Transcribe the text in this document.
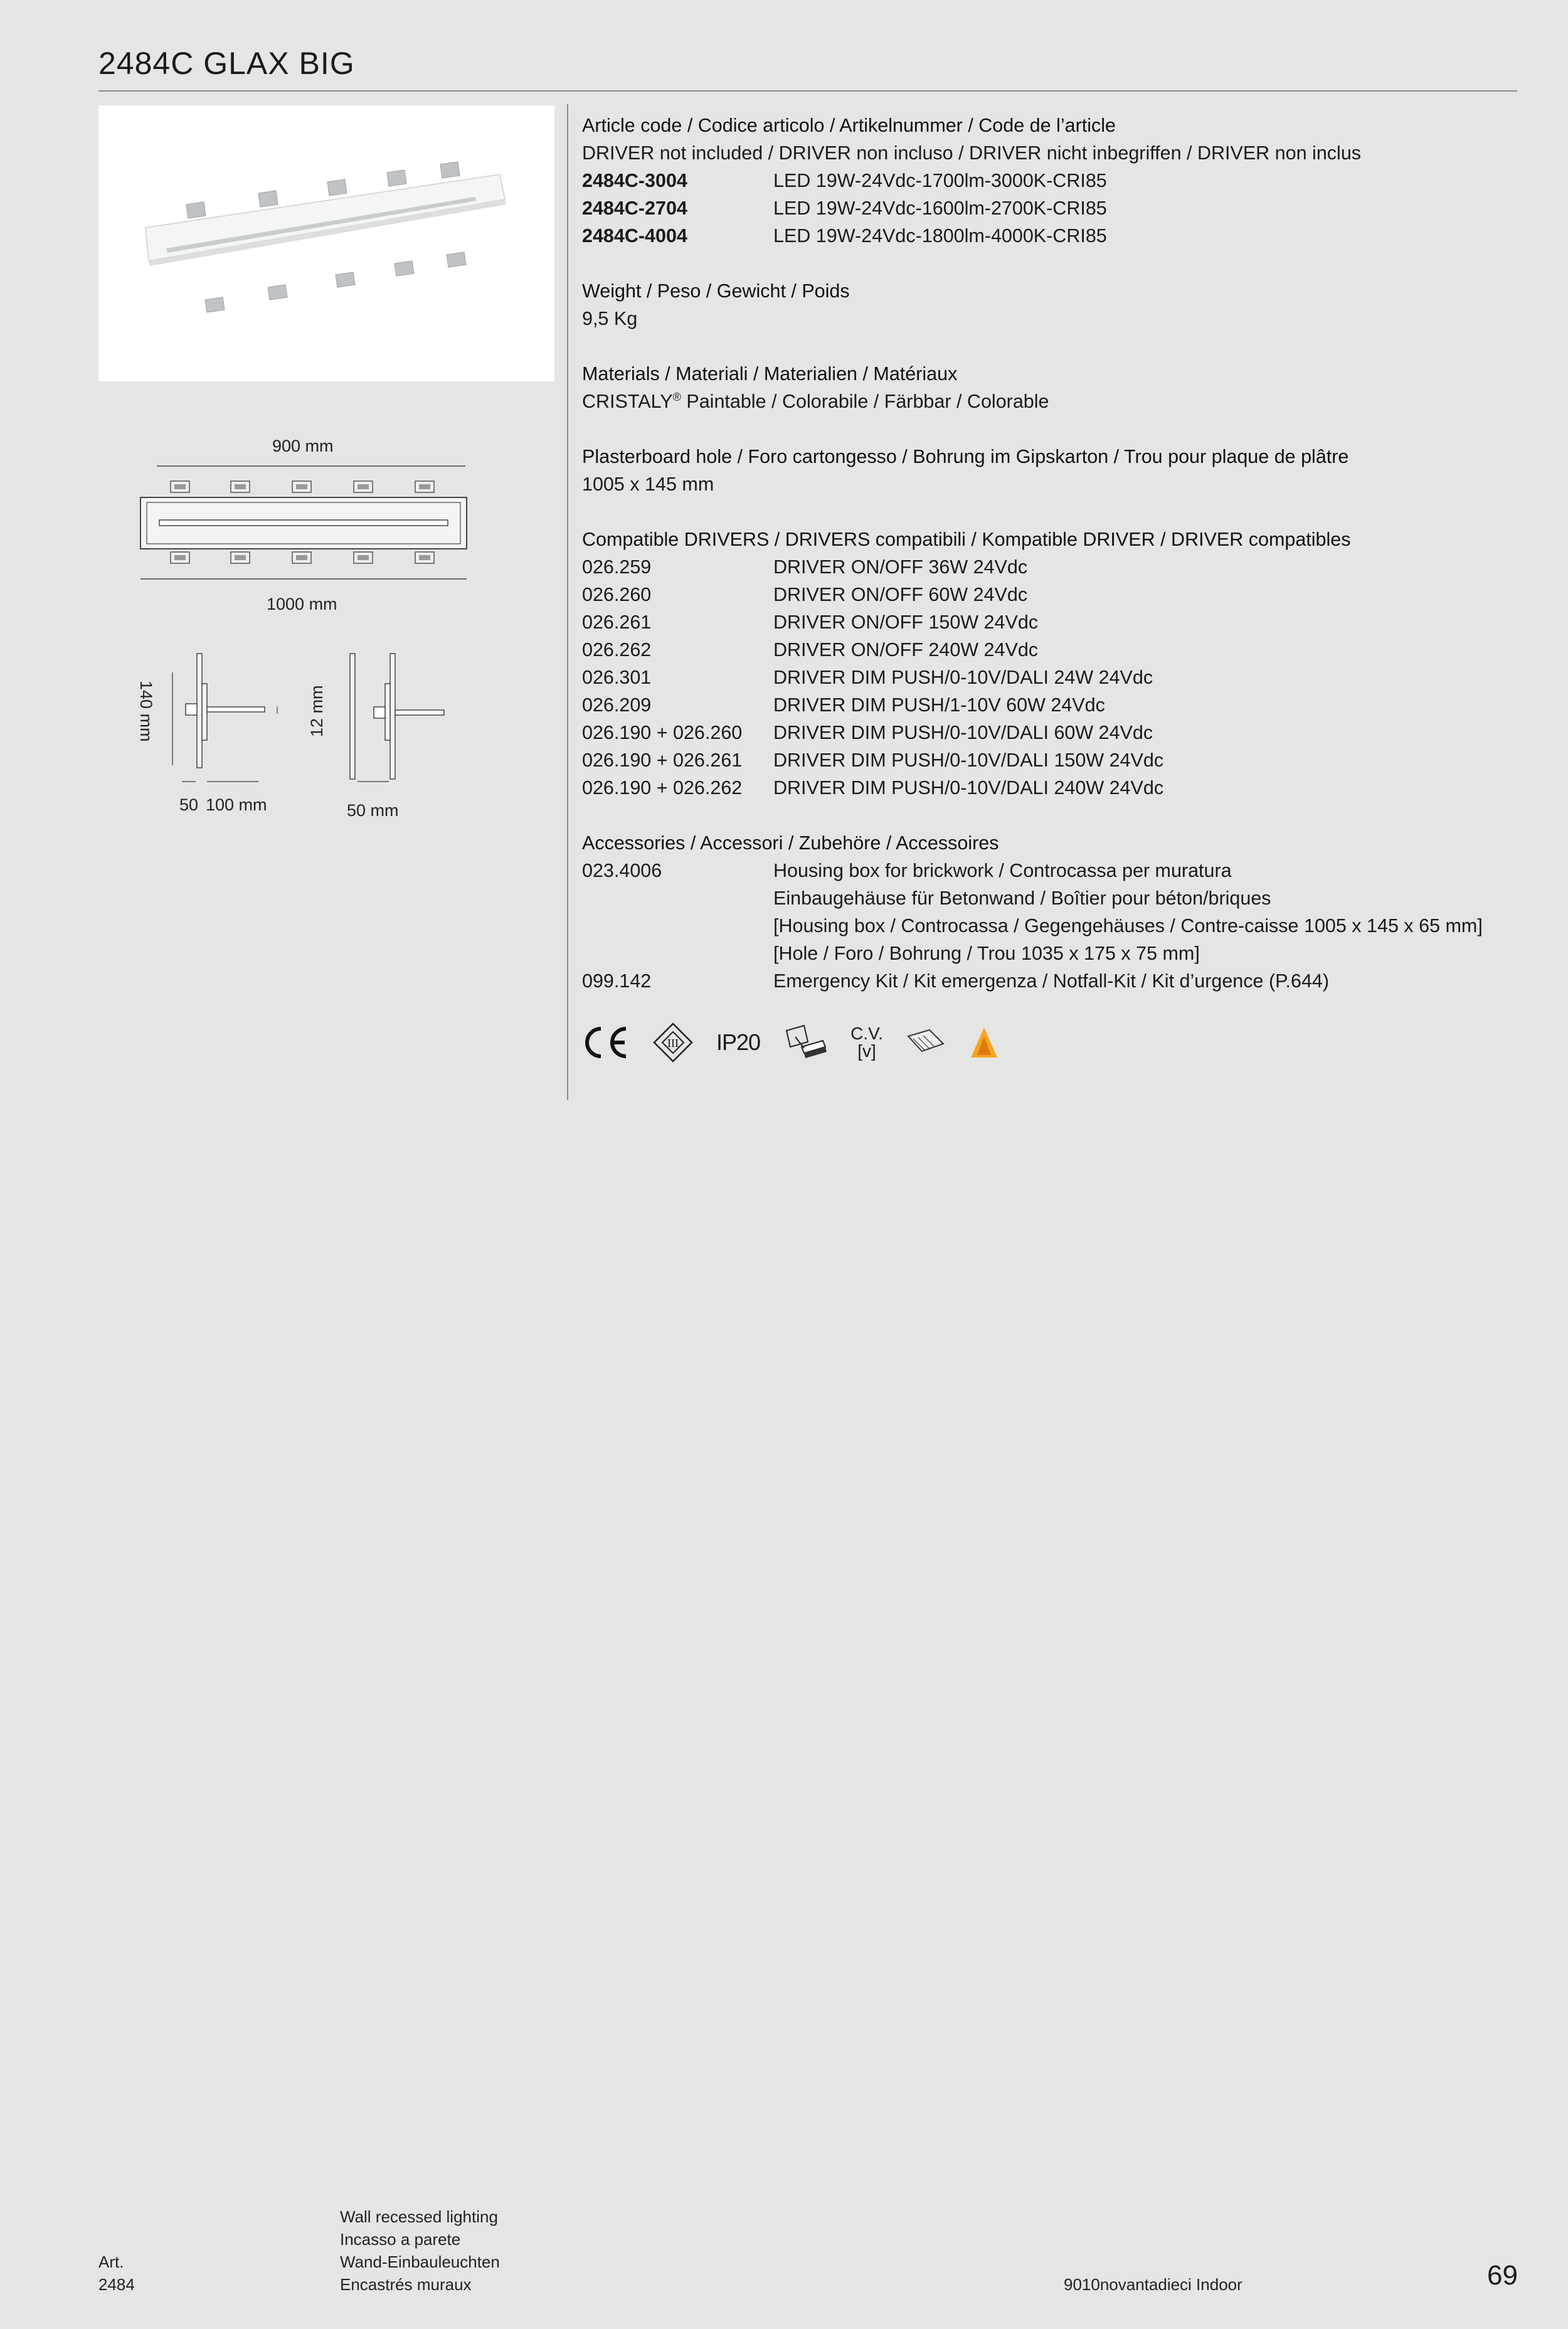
2484C GLAX BIG
900 mm
1000 mm
140 mm	12 mm
50 100 mm	50 mm
Article code / Codice articolo / Artikelnummer / Code de l’article
DRIVER not included / DRIVER non incluso / DRIVER nicht inbegriffen / DRIVER non inclus
2484C-3004	LED 19W-24Vdc-1700lm-3000K-CRI85
2484C-2704	LED 19W-24Vdc-1600lm-2700K-CRI85
2484C-4004	LED 19W-24Vdc-1800lm-4000K-CRI85
Weight / Peso / Gewicht / Poids
9,5 Kg
Materials / Materiali / Materialien / Matériaux
CRISTALY® Paintable / Colorabile / Färbbar / Colorable
Plasterboard hole / Foro cartongesso / Bohrung im Gipskarton / Trou pour plaque de plâtre
1005 x 145 mm
Compatible DRIVERS / DRIVERS compatibili / Kompatible DRIVER / DRIVER compatibles
026.259	DRIVER ON/OFF 36W 24Vdc
026.260	DRIVER ON/OFF 60W 24Vdc
026.261	DRIVER ON/OFF 150W 24Vdc
026.262	DRIVER ON/OFF 240W 24Vdc
026.301	DRIVER DIM PUSH/0-10V/DALI 24W 24Vdc
026.209	DRIVER DIM PUSH/1-10V 60W 24Vdc
026.190 + 026.260	DRIVER DIM PUSH/0-10V/DALI 60W 24Vdc
026.190 + 026.261	DRIVER DIM PUSH/0-10V/DALI 150W 24Vdc
026.190 + 026.262	DRIVER DIM PUSH/0-10V/DALI 240W 24Vdc
Accessories / Accessori / Zubehöre / Accessoires
023.4006	Housing box for brickwork / Controcassa per muratura
Einbaugehäuse für Betonwand / Boîtier pour béton/briques
[Housing box / Controcassa / Gegengehäuses / Contre-caisse 1005 x 145 x 65 mm]
[Hole / Foro / Bohrung / Trou 1035 x 175 x 75 mm]
099.142	Emergency Kit / Kit emergenza / Notfall-Kit / Kit d’urgence (P.644)
III IP20	C.V.
[v]
Art.
2484
Wall recessed lighting
Incasso a parete
Wand-Einbauleuchten
Encastrés muraux	9010novantadieci Indoor	69
